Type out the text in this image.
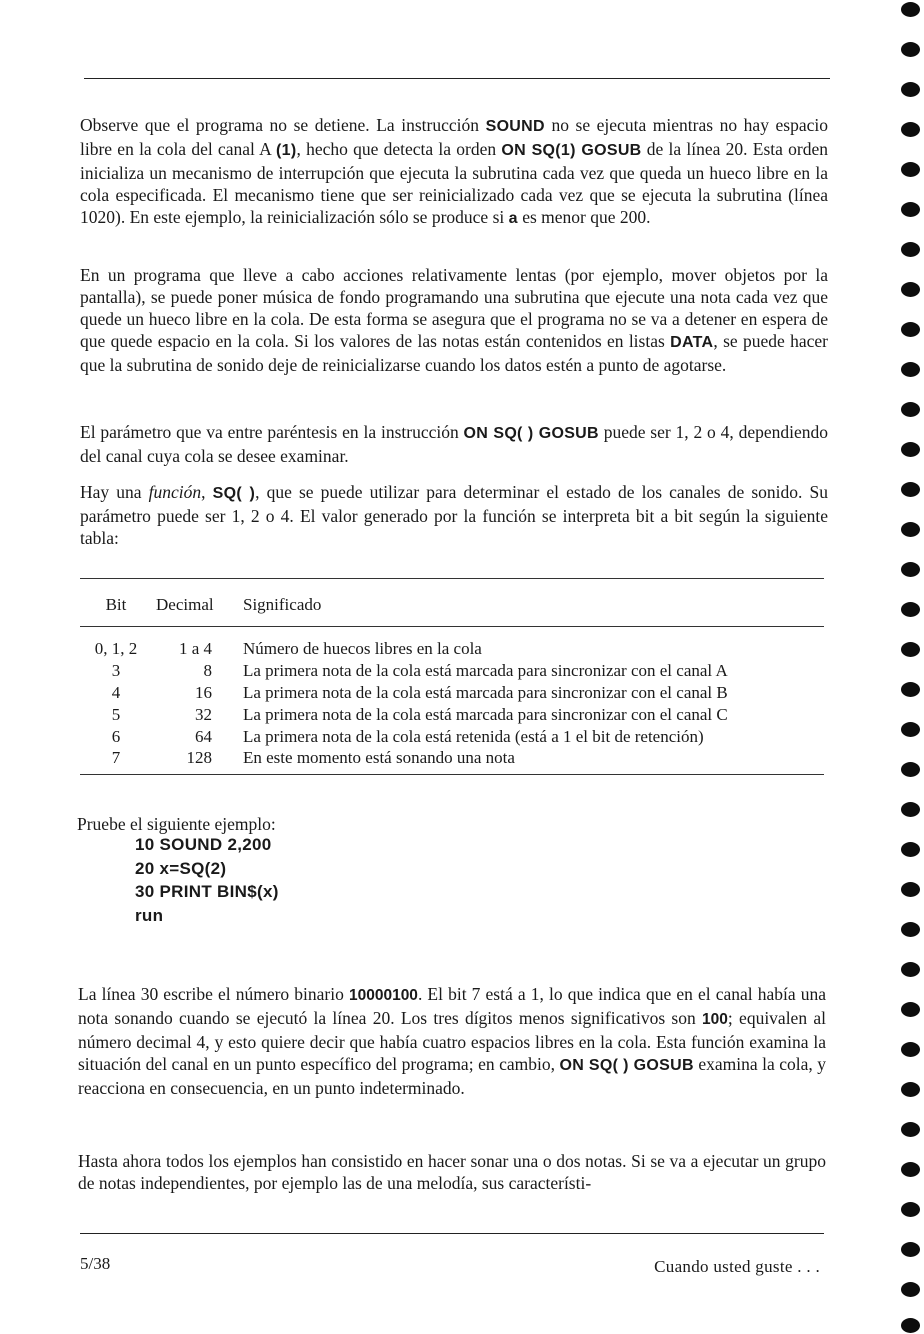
Observe que el programa no se detiene. La instrucción SOUND no se ejecuta mientras no hay espacio libre en la cola del canal A (1), hecho que detecta la orden ON SQ(1) GOSUB de la línea 20. Esta orden inicializa un mecanismo de interrupción que ejecuta la subrutina cada vez que queda un hueco libre en la cola especificada. El mecanismo tiene que ser reinicializado cada vez que se ejecuta la subrutina (línea 1020). En este ejemplo, la reinicialización sólo se produce si a es menor que 200.

En un programa que lleve a cabo acciones relativamente lentas (por ejemplo, mover objetos por la pantalla), se puede poner música de fondo programando una subrutina que ejecute una nota cada vez que quede un hueco libre en la cola. De esta forma se asegura que el programa no se va a detener en espera de que quede espacio en la cola. Si los valores de las notas están contenidos en listas DATA, se puede hacer que la subrutina de sonido deje de reinicializarse cuando los datos estén a punto de agotarse.

El parámetro que va entre paréntesis en la instrucción ON SQ( ) GOSUB puede ser 1, 2 o 4, dependiendo del canal cuya cola se desee examinar.

Hay una función, SQ( ), que se puede utilizar para determinar el estado de los canales de sonido. Su parámetro puede ser 1, 2 o 4. El valor generado por la función se interpreta bit a bit según la siguiente tabla:

Bit	Decimal	Significado
0, 1, 2	1 a 4 Número de huecos libres en la cola
3	8 La primera nota de la cola está marcada para sincronizar con el canal A
4	16 La primera nota de la cola está marcada para sincronizar con el canal B
5	32 La primera nota de la cola está marcada para sincronizar con el canal C
6	64 La primera nota de la cola está retenida (está a 1 el bit de retención)
7	128 En este momento está sonando una nota

Pruebe el siguiente ejemplo:

10 SOUND 2,200
20 x=SQ(2)
30 PRINT BIN$(x)
run

La línea 30 escribe el número binario 10000100. El bit 7 está a 1, lo que indica que en el canal había una nota sonando cuando se ejecutó la línea 20. Los tres dígitos menos significativos son 100; equivalen al número decimal 4, y esto quiere decir que había cuatro espacios libres en la cola. Esta función examina la situación del canal en un punto específico del programa; en cambio, ON SQ( ) GOSUB examina la cola, y reacciona en consecuencia, en un punto indeterminado.

Hasta ahora todos los ejemplos han consistido en hacer sonar una o dos notas. Si se va a ejecutar un grupo de notas independientes, por ejemplo las de una melodía, sus característi-

5/38	Cuando usted guste . . .
